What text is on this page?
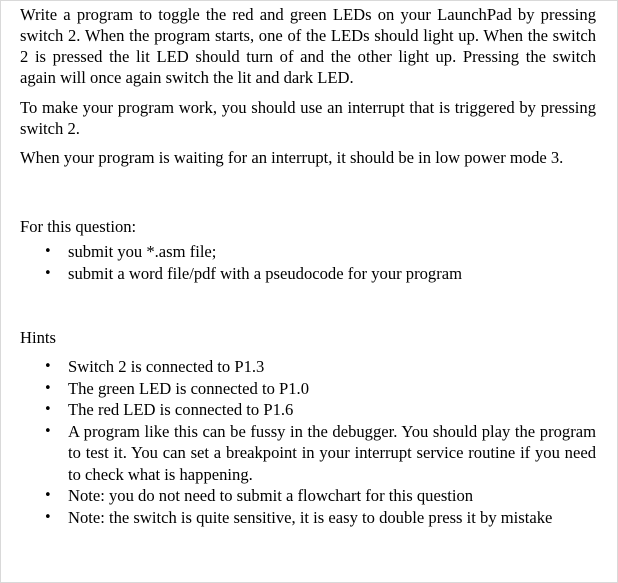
Write a program to toggle the red and green LEDs on your LaunchPad by pressing switch 2. When the program starts, one of the LEDs should light up. When the switch 2 is pressed the lit LED should turn of and the other light up. Pressing the switch again will once again switch the lit and dark LED.

To make your program work, you should use an interrupt that is triggered by pressing switch 2.

When your program is waiting for an interrupt, it should be in low power mode 3.

For this question:

• submit you *.asm file;
• submit a word file/pdf with a pseudocode for your program

Hints

• Switch 2 is connected to P1.3
• The green LED is connected to P1.0
• The red LED is connected to P1.6
• A program like this can be fussy in the debugger. You should play the program to test it. You can set a breakpoint in your interrupt service routine if you need to check what is happening.
• Note: you do not need to submit a flowchart for this question
• Note: the switch is quite sensitive, it is easy to double press it by mistake
